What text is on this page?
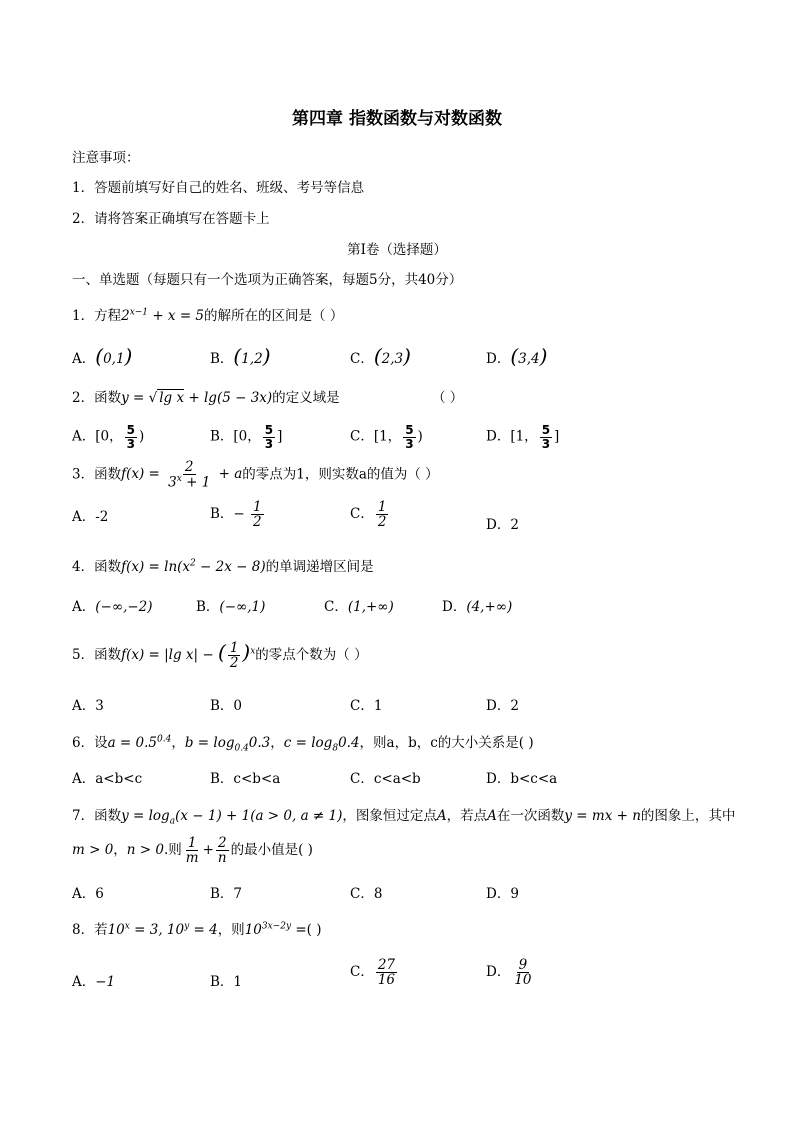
第四章 指数函数与对数函数
注意事项：
1．答题前填写好自己的姓名、班级、考号等信息
2．请将答案正确填写在答题卡上
第I卷（选择题）
一、单选题（每题只有一个选项为正确答案，每题5分，共40分）
1．方程$2^{x-1} + x = 5$的解所在的区间是（ ）
A．(0,1)	B．(1,2)	C．(2,3)	D．(3,4)
2．函数y = √ lg x + lg(5 − 3x)的定义域是	（ ）
A．[0， $\frac{5}{3}$ )	B．[0， $\frac{5}{3}$ ]	C．[1， $\frac{5}{3}$ )	D．[1， $\frac{5}{3}$ ]
3．函数$f(x) = \frac{2}{3^x + 1} + a$的零点为1，则实数a的值为（ ）
A．-2	B．− $\frac{1}{2}$	C． $\frac{1}{2}$	D．2
4．函数$f(x) = \ln(x^2 - 2x - 8)$的单调递增区间是
A．(−∞,−2)	B．(−∞,1)	C．(1,+∞)	D．(4,+∞)
5．函数f(x) = |lg x| − ( $\frac{1}{2} )^x$的零点个数为（ ）
A．3	B．0	C．1	D．2
6．设$a = 0.5^{0.4}$，$b = \log_{0.4}0.3$，$c = \log_80.4$，则a，b，c的大小关系是( )
A．a<b<c	B．c<b<a	C．c<a<b	D．b<c<a
7．函数$y = \log_a(x - 1) + 1(a > 0$, a ≠ 1)，图象恒过定点A，若点A在一次函数y = mx + n的图象上，其中
m > 0，n > 0.则 $\frac{1}{m} + \frac{2}{n}$ 的最小值是( )
A．6	B．7	C．8	D．9
8．若$10^x = 3$, $10^y = 4$，则$10^{3x-2y}$ =( )
A．−1	B．1
C． $\frac{27}{16}$	D． $\frac{9}{10}$
